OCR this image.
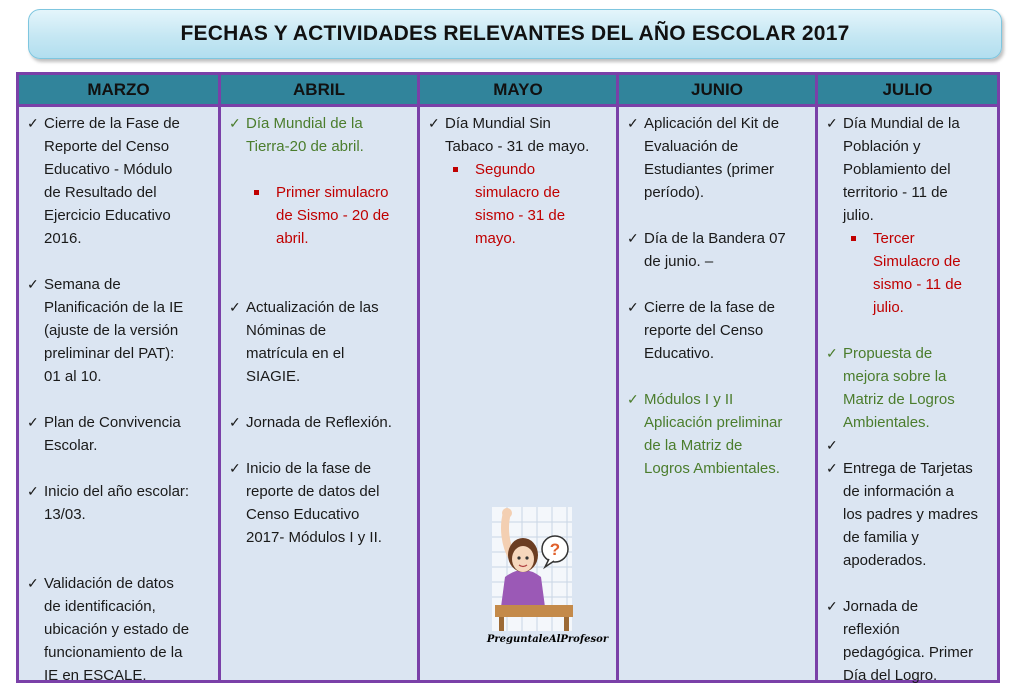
FECHAS Y ACTIVIDADES RELEVANTES DEL AÑO ESCOLAR 2017
MARZO
✓ Cierre de la Fase de
Reporte del Censo
Educativo - Módulo
de Resultado del
Ejercicio Educativo
2016.
✓ Semana de
Planificación de la IE
(ajuste de la versión
preliminar del PAT):
01 al 10.
✓ Plan de Convivencia
Escolar.
✓ Inicio del año escolar:
13/03.
✓ Validación de datos
de identificación,
ubicación y estado de
funcionamiento de la
IE en ESCALE.
ABRIL
✓ Día Mundial de la
Tierra-20 de abril.
Primer simulacro
de Sismo - 20 de
abril.
✓ Actualización de las
Nóminas de
matrícula en el
SIAGIE.
✓ Jornada de Reflexión.
✓ Inicio de la fase de
reporte de datos del
Censo Educativo
2017- Módulos I y II.
MAYO
✓ Día Mundial Sin
Tabaco - 31 de mayo.
Segundo
simulacro de
sismo - 31 de
mayo.
?
PreguntaleAlProfesor
JUNIO
✓ Aplicación del Kit de
Evaluación de
Estudiantes (primer
período).
✓ Día de la Bandera 07
de junio. –
✓ Cierre de la fase de
reporte del Censo
Educativo.
✓ Módulos I y II
Aplicación preliminar
de la Matriz de
Logros Ambientales.
JULIO
✓ Día Mundial de la
Población y
Poblamiento del
territorio - 11 de
julio.
Tercer
Simulacro de
sismo - 11 de
julio.
✓ Propuesta de
mejora sobre la
Matriz de Logros
Ambientales.
✓

✓ Entrega de Tarjetas
de información a
los padres y madres
de familia y
apoderados.
✓ Jornada de
reflexión
pedagógica. Primer
Día del Logro.
